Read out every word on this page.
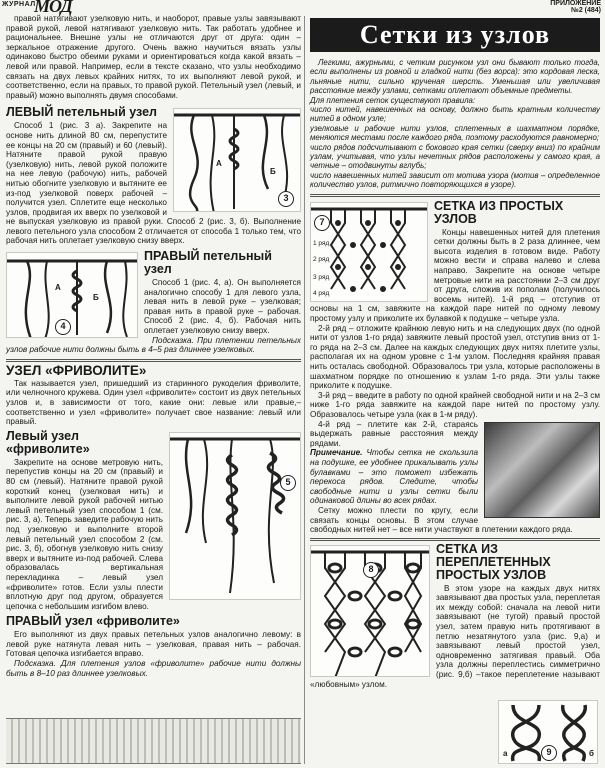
ЖУРНАЛ
МОД	ПРИЛОЖЕНИЕ
№2 (484)

правой натягивают узелковую нить, и наоборот, правые узлы завязывают правой рукой, левой натягивают узелковую нить. Так работать удобнее и рациональнее. Внешне узлы не отличаются друг от друга: один – зеркальное отражение другого. Очень важно научиться вязать узлы одинаково быстро обеими руками и ориентироваться когда какой вязать – левой или правой. Например, если в тексте сказано, что узлы необходимо связать на двух левых крайних нитях, то их выполняют левой рукой, и соответственно, если на правых, то правой рукой. Петельный узел (левый, и правый) можно выполнять двумя способами.

3
А
Б
ЛЕВЫЙ петельный узел

Способ 1 (рис. 3 а). Закрепите на основе нить длиной 80 см, перепустите ее концы на 20 см (правый) и 60 (левый). Натяните правой рукой правую (узелковую) нить, левой рукой положите на нее левую (рабочую) нить, рабочей нитью обогните узелковую и вытяните ее из-под узелковой поверх рабочей – получится узел. Сплетите еще несколько узлов, продвигая их вверх по узелковой и не выпуская узелковую из правой руки. Способ 2 (рис. 3, б). Выполнение левого петельного узла способом 2 отличается от способа 1 только тем, что рабочая нить оплетает узелковую снизу вверх.

4
А
Б
ПРАВЫЙ петельный узел

Способ 1 (рис. 4, а). Он выполняется аналогично способу 1 для левого узла, левая нить в левой руке – узелковая; правая нить в правой руке – рабочая. Способ 2 (рис. 4, б). Рабочая нить оплетает узелковую снизу вверх.

Подсказка. При плетении петельных узлов рабочие нити должны быть в 4–5 раз длиннее узелковых.

УЗЕЛ «ФРИВОЛИТЕ»

Так называется узел, пришедший из старинного рукоделия фриволите, или челночного кружева. Один узел «фриволите» состоит из двух петельных узлов и, в зависимости от того, какие они: левые или правые,–соответственно и узел «фриволите» получает свое название: левый или правый.

5
Левый узел «фриволите»

Закрепите на основе метровую нить, перепустив концы на 20 см (правый) и 80 см (левый). Натяните правой рукой короткий конец (узелковая нить) и выполните левой рукой рабочей нитью левый петельный узел способом 1 (см. рис. 3, а). Теперь заведите рабочую нить под узелковую и выполните второй левый петельный узел способом 2 (см. рис. 3, б), обогнув узелковую нить снизу вверх и вытяните из-под рабочей. Слева образовалась вертикальная перекладинка – левый узел «фриволите» готов. Если узлы плести вплотную друг под другом, образуется цепочка с небольшим изгибом влево.

ПРАВЫЙ узел «фриволите»

Его выполняют из двух правых петельных узлов аналогично левому: в левой руке натянута левая нить – узелковая, правая нить – рабочая. Готовая цепочка изгибается вправо.

Подсказка. Для плетения узлов «фриволите» рабочие нити должны быть в 8–10 раз длиннее узелковых.

Сетки из узлов

Легкими, ажурными, с четким рисунком узл они бывают только тогда, если выполнены из ровной и гладкой нити (без ворса): это кордовая леска, льняные нити, сильно крученая шерсть. Уменьшая или увеличивая расстояние между узлами, сетками оплетают объемные предметы.

Для плетения сеток существуют правила:

число нитей, навешенных на основу, должно быть кратным количеству нитей в одном узле;

узелковые и рабочие нити узлов, сплетенных в шахматном порядке, меняются местами после каждого ряда, поэтому расходуются равномерно;

число рядов подсчитывают с бокового края сетки (сверху вниз) по крайним узлам, учитывая, что узлы нечетных рядов расположены у самого края, а четные – отодвинуты вглубь;

число навешенных нитей зависит от мотива узора (мотив – определенное количество узлов, ритмично повторяющихся в узоре).

7
1 ряд
2 ряд
3 ряд
4 ряд
СЕТКА ИЗ ПРОСТЫХ УЗЛОВ

Концы навешенных нитей для плетения сетки должны быть в 2 раза длиннее, чем высота изделия в готовом виде. Работу можно вести и справа налево и слева направо. Закрепите на основе четыре метровые нити на расстоянии 2–3 см друг от друга, сложив их пополам (получилось восемь нитей). 1-й ряд – отступив от основы на 1 см, завяжите на каждой паре нитей по одному левому простому узлу и приколите их булавкой к подушке – четыре узла.

2-й ряд – отложите крайнюю левую нить и на следующих двух (по одной нити от узлов 1-го ряда) завяжите левый простой узел, отступив вниз от 1-го ряда на 2–3 см. Далее на каждых следующих двух нитях плетите узлы, располагая их на одном уровне с 1-м узлом. Последняя крайняя правая нить осталась свободной. Образовалось три узла, которые расположены в шахматном порядке по отношению к узлам 1-го ряда. Эти узлы также приколите к подушке.

3-й ряд – введите в работу по одной крайней свободной нити и на 2–3 см ниже 1-го ряда завяжите на каждой паре нитей по простому узлу. Образовалось четыре узла (как в 1-м ряду).

4-й ряд – плетите как 2-й, стараясь выдержать равные расстояния между рядами.

Примечание. Чтобы сетка не скользила на подушке, ее удобнее прикалывать узлы булавками – это поможет избежать перекоса рядов. Следите, чтобы свободные нити и узлы сетки были одинаковой длины во всех рядах.

Сетку можно плести по кругу, если связать концы основы. В этом случае свободных нитей нет – все нити участвуют в плетении каждого ряда.

8
СЕТКА ИЗ ПЕРЕПЛЕТЕННЫХ ПРОСТЫХ УЗЛОВ

В этом узоре на каждых двух нитях завязывают два простых узла, переплетая их между собой: сначала на левой нити завязывают (не тугой) правый простой узел, затем правую нить протягивают в петлю незатянутого узла (рис. 9,а) и завязывают левый простой узел, одновременно затягивая правый. Оба узла должны переплестись симметрично (рис. 9,б) –такое переплетение называют «любовным» узлом.

9
а	б
